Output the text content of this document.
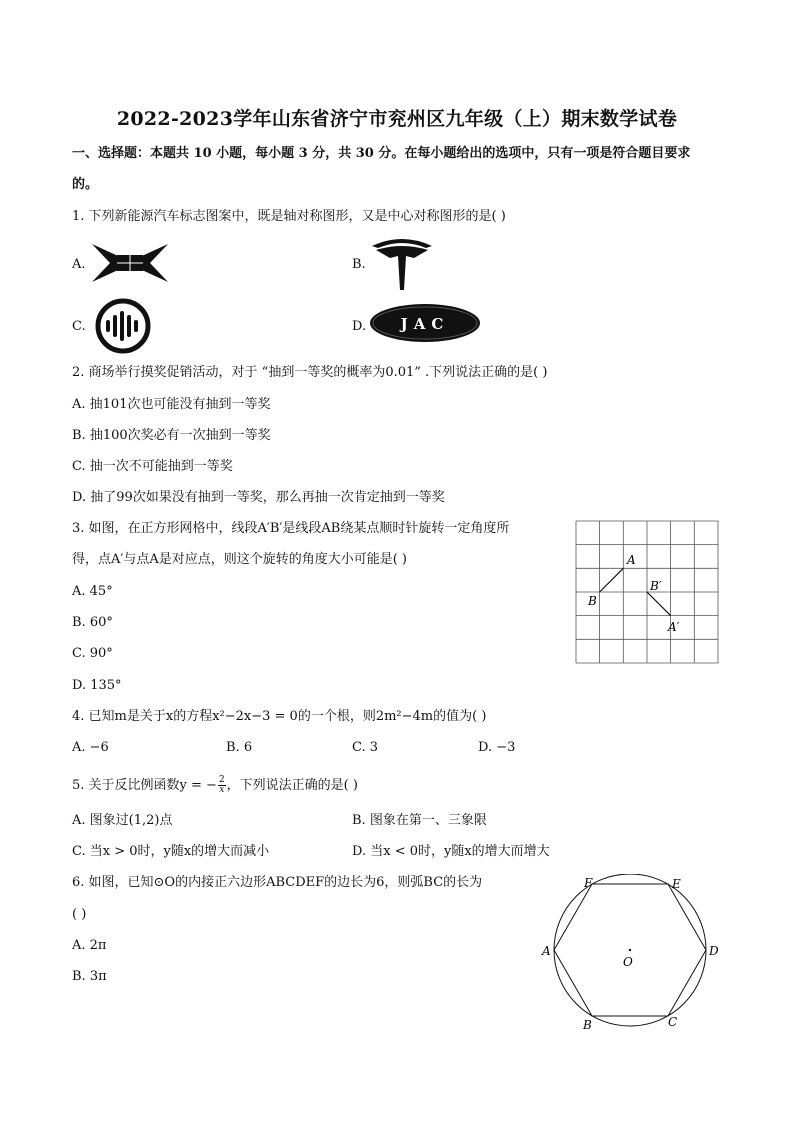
2022-2023学年山东省济宁市兖州区九年级（上）期末数学试卷
一、选择题：本题共 10 小题，每小题 3 分，共 30 分。在每小题给出的选项中，只有一项是符合题目要求
的。
1. 下列新能源汽车标志图案中，既是轴对称图形，又是中心对称图形的是( )
A.	B.
C.	D. JAC
2. 商场举行摸奖促销活动，对于 “抽到一等奖的概率为0.01” .下列说法正确的是( )
A. 抽101次也可能没有抽到一等奖
B. 抽100次奖必有一次抽到一等奖
C. 抽一次不可能抽到一等奖
D. 抽了99次如果没有抽到一等奖，那么再抽一次肯定抽到一等奖
3. 如图，在正方形网格中，线段A′B′是线段AB绕某点顺时针旋转一定角度所
得，点A′与点A是对应点，则这个旋转的角度大小可能是( )
A. 45°
B. 60°
C. 90°
D. 135°
A
B
B′
A′
4. 已知m是关于x的方程x²−2x−3 = 0的一个根，则2m²−4m的值为( )
A. −6	B. 6	C. 3	D. −3
5. 关于反比例函数y = − $\frac{2}{x}$ ，下列说法正确的是( )
A. 图象过(1,2)点	B. 图象在第一、三象限
C. 当x > 0时，y随x的增大而减小	D. 当x < 0时，y随x的增大而增大
6. 如图，已知⊙O的内接正六边形ABCDEF的边长为6，则弧BC的长为
( )
A. 2π
B. 3π
A
B	C
D
E
F
O
